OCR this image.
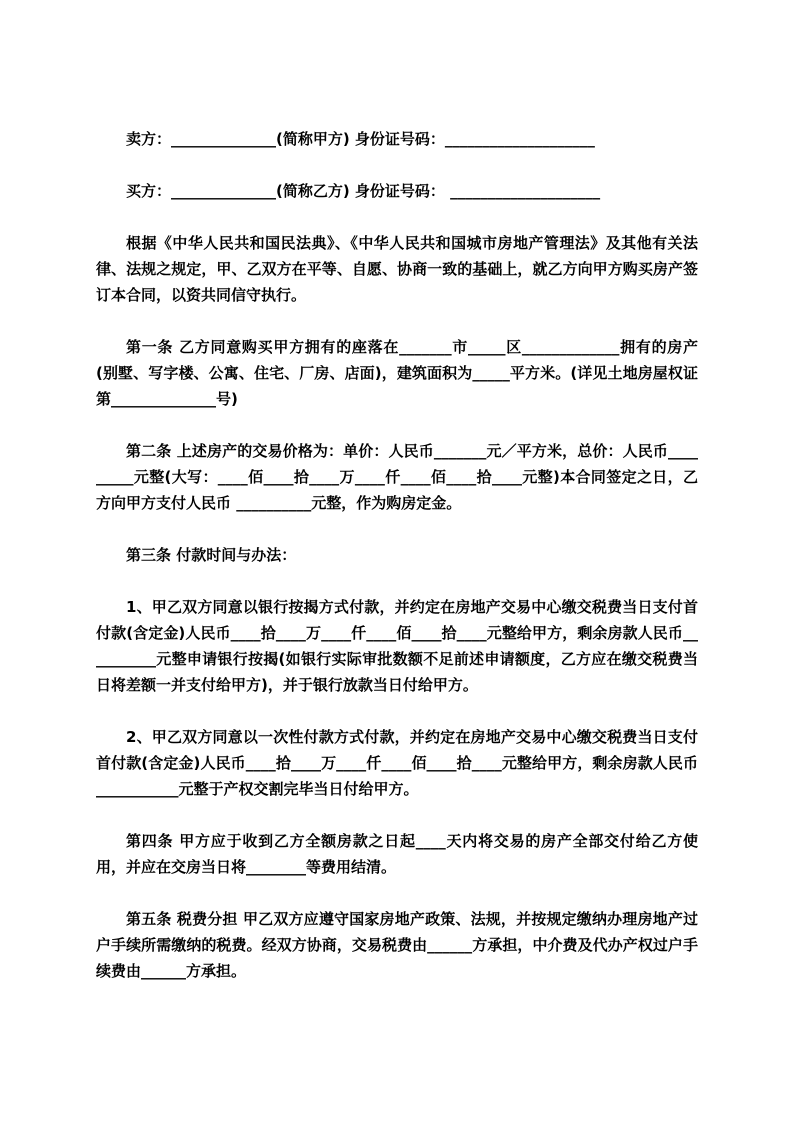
卖方：______________(简称甲方) 身份证号码：____________________

买方：______________(简称乙方) 身份证号码： ____________________

根据《中华人民共和国民法典》、《中华人民共和国城市房地产管理法》及其他有关法律、法规之规定，甲、乙双方在平等、自愿、协商一致的基础上，就乙方向甲方购买房产签订本合同，以资共同信守执行。

第一条 乙方同意购买甲方拥有的座落在_______市_____区_____________拥有的房产(别墅、写字楼、公寓、住宅、厂房、店面)，建筑面积为_____平方米。(详见土地房屋权证第______________号)

第二条 上述房产的交易价格为：单价：人民币_______元／平方米，总价：人民币_________元整(大写：____佰____拾____万____仟____佰____拾____元整)本合同签定之日，乙方向甲方支付人民币 __________元整，作为购房定金。

第三条 付款时间与办法：

1、甲乙双方同意以银行按揭方式付款，并约定在房地产交易中心缴交税费当日支付首付款(含定金)人民币____拾____万____仟____佰____拾____元整给甲方，剩余房款人民币__________元整申请银行按揭(如银行实际审批数额不足前述申请额度，乙方应在缴交税费当日将差额一并支付给甲方)，并于银行放款当日付给甲方。

2、甲乙双方同意以一次性付款方式付款，并约定在房地产交易中心缴交税费当日支付首付款(含定金)人民币____拾____万____仟____佰____拾____元整给甲方，剩余房款人民币___________元整于产权交割完毕当日付给甲方。

第四条 甲方应于收到乙方全额房款之日起____天内将交易的房产全部交付给乙方使用，并应在交房当日将________等费用结清。

第五条 税费分担 甲乙双方应遵守国家房地产政策、法规，并按规定缴纳办理房地产过户手续所需缴纳的税费。经双方协商，交易税费由______方承担，中介费及代办产权过户手续费由______方承担。
